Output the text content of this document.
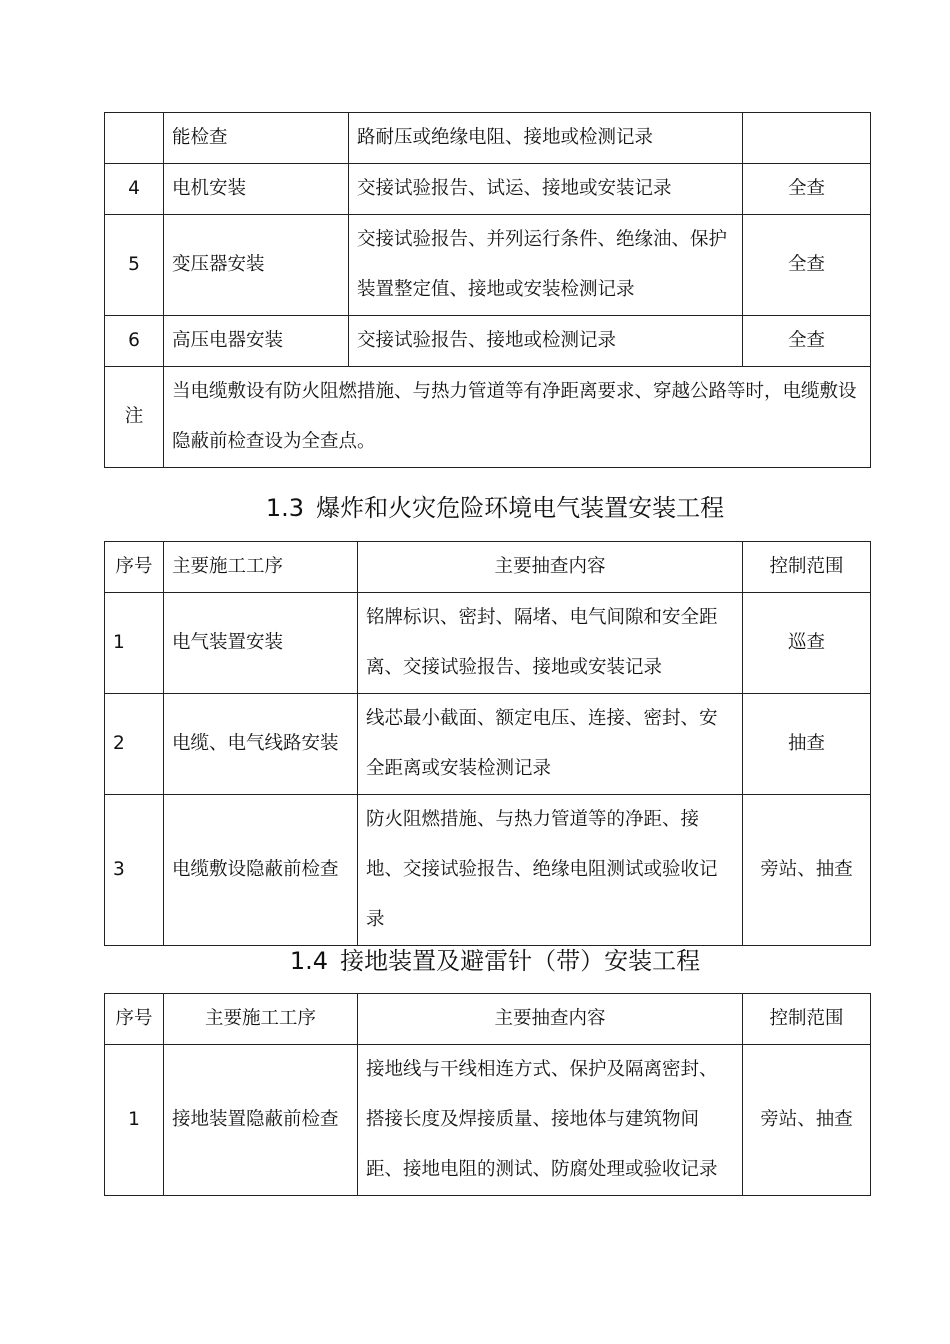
	能检查	路耐压或绝缘电阻、接地或检测记录	
4	电机安装	交接试验报告、试运、接地或安装记录	全查
5	变压器安装	交接试验报告、并列运行条件、绝缘油、保护装置整定值、接地或安装检测记录	全查
6	高压电器安装	交接试验报告、接地或检测记录	全查
注	当电缆敷设有防火阻燃措施、与热力管道等有净距离要求、穿越公路等时，电缆敷设隐蔽前检查设为全查点。		
1.3 爆炸和火灾危险环境电气装置安装工程
序号	主要施工工序	主要抽查内容	控制范围
1	电气装置安装	铭牌标识、密封、隔堵、电气间隙和安全距离、交接试验报告、接地或安装记录	巡查
2	电缆、电气线路安装	线芯最小截面、额定电压、连接、密封、安全距离或安装检测记录	抽查
3	电缆敷设隐蔽前检查	防火阻燃措施、与热力管道等的净距、接地、交接试验报告、绝缘电阻测试或验收记录	旁站、抽查
1.4 接地装置及避雷针（带）安装工程
序号	主要施工工序	主要抽查内容	控制范围
1	接地装置隐蔽前检查	接地线与干线相连方式、保护及隔离密封、搭接长度及焊接质量、接地体与建筑物间距、接地电阻的测试、防腐处理或验收记录	旁站、抽查
